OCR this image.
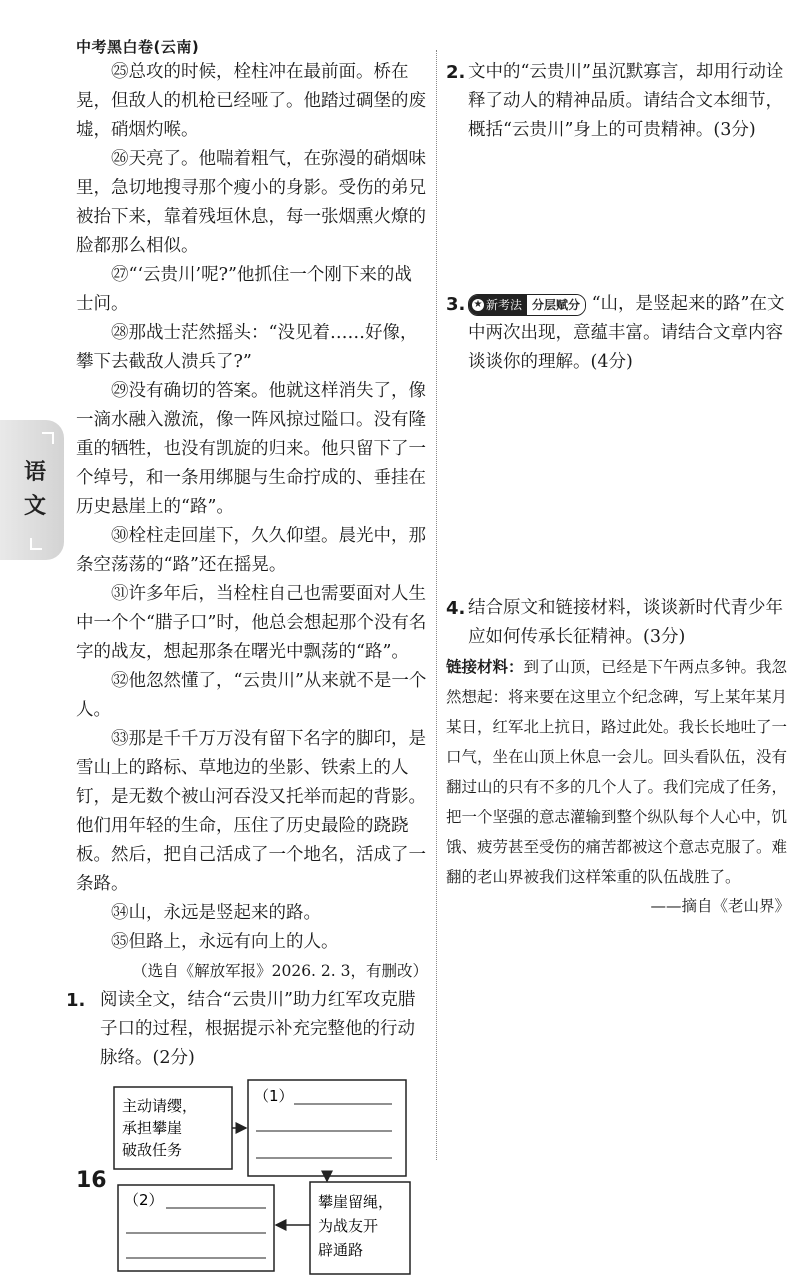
中考黑白卷(云南)
语
文

㉕总攻的时候，栓柱冲在最前面。桥在晃，但敌人的机枪已经哑了。他踏过碉堡的废墟，硝烟灼喉。

㉖天亮了。他喘着粗气，在弥漫的硝烟味里，急切地搜寻那个瘦小的身影。受伤的弟兄被抬下来，靠着残垣休息，每一张烟熏火燎的脸都那么相似。

㉗“‘云贵川’呢?”他抓住一个刚下来的战士问。

㉘那战士茫然摇头：“没见着……好像，攀下去截敌人溃兵了?”

㉙没有确切的答案。他就这样消失了，像一滴水融入激流，像一阵风掠过隘口。没有隆重的牺牲，也没有凯旋的归来。他只留下了一个绰号，和一条用绑腿与生命拧成的、垂挂在历史悬崖上的“路”。

㉚栓柱走回崖下，久久仰望。晨光中，那条空荡荡的“路”还在摇晃。

㉛许多年后，当栓柱自己也需要面对人生中一个个“腊子口”时，他总会想起那个没有名字的战友，想起那条在曙光中飘荡的“路”。

㉜他忽然懂了，“云贵川”从来就不是一个人。

㉝那是千千万万没有留下名字的脚印，是雪山上的路标、草地边的坐影、铁索上的人钉，是无数个被山河吞没又托举而起的背影。他们用年轻的生命，压住了历史最险的跷跷板。然后，把自己活成了一个地名，活成了一条路。

㉞山，永远是竖起来的路。

㉟但路上，永远有向上的人。

（选自《解放军报》2026. 2. 3，有删改）

1. 阅读全文，结合“云贵川”助力红军攻克腊子口的过程，根据提示补充完整他的行动脉络。(2分)

主动请缨，
承担攀崖
破敌任务
（1）
攀崖留绳，
为战友开
辟通路
（2）
2. 文中的“云贵川”虽沉默寡言，却用行动诠释了动人的精神品质。请结合文本细节，概括“云贵川”身上的可贵精神。(3分)

3. ★ 新考法 分层赋分 “山，是竖起来的路”在文中两次出现，意蕴丰富。请结合文章内容谈谈你的理解。(4分)

4. 结合原文和链接材料，谈谈新时代青少年应如何传承长征精神。(3分)

链接材料：到了山顶，已经是下午两点多钟。我忽然想起：将来要在这里立个纪念碑，写上某年某月某日，红军北上抗日，路过此处。我长长地吐了一口气，坐在山顶上休息一会儿。回头看队伍，没有翻过山的只有不多的几个人了。我们完成了任务，把一个坚强的意志灌输到整个纵队每个人心中，饥饿、疲劳甚至受伤的痛苦都被这个意志克服了。难翻的老山界被我们这样笨重的队伍战胜了。

——摘自《老山界》

16
